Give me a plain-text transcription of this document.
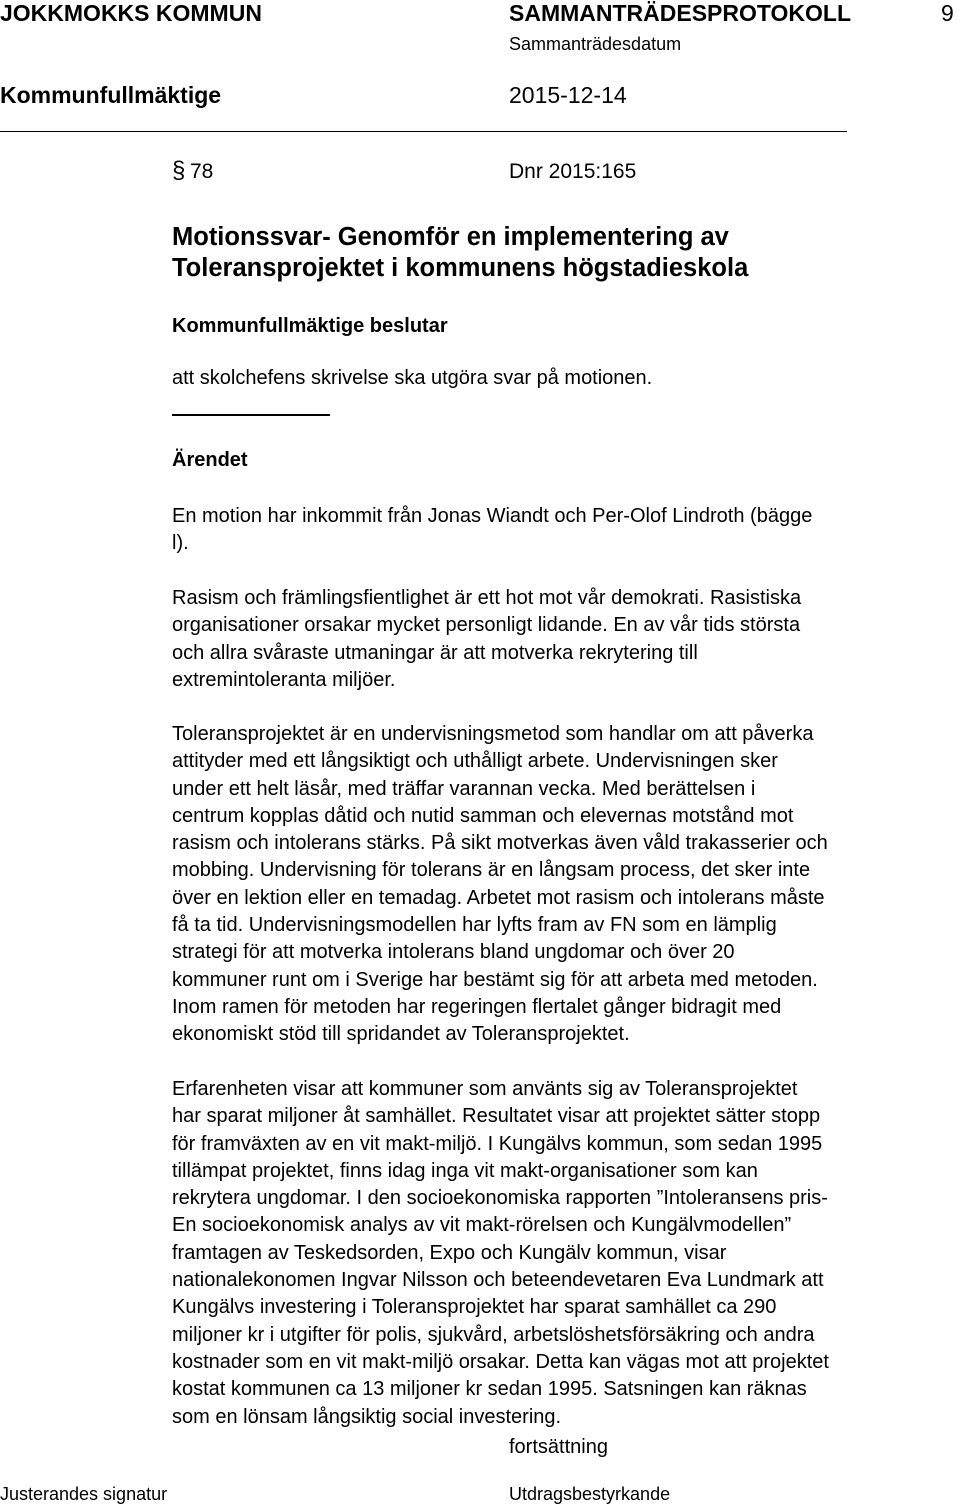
JOKKMOKKS KOMMUN	SAMMANTRÄDESPROTOKOLL	9
Sammanträdesdatum
Kommunfullmäktige	2015-12-14
§ 78	Dnr 2015:165
Motionssvar- Genomför en implementering av
Toleransprojektet i kommunens högstadieskola
Kommunfullmäktige beslutar
att skolchefens skrivelse ska utgöra svar på motionen.
Ärendet
En motion har inkommit från Jonas Wiandt och Per-Olof Lindroth (bägge
l).
Rasism och främlingsfientlighet är ett hot mot vår demokrati. Rasistiska
organisationer orsakar mycket personligt lidande. En av vår tids största
och allra svåraste utmaningar är att motverka rekrytering till
extremintoleranta miljöer.
Toleransprojektet är en undervisningsmetod som handlar om att påverka
attityder med ett långsiktigt och uthålligt arbete. Undervisningen sker
under ett helt läsår, med träffar varannan vecka. Med berättelsen i
centrum kopplas dåtid och nutid samman och elevernas motstånd mot
rasism och intolerans stärks. På sikt motverkas även våld trakasserier och
mobbing. Undervisning för tolerans är en långsam process, det sker inte
över en lektion eller en temadag. Arbetet mot rasism och intolerans måste
få ta tid. Undervisningsmodellen har lyfts fram av FN som en lämplig
strategi för att motverka intolerans bland ungdomar och över 20
kommuner runt om i Sverige har bestämt sig för att arbeta med metoden.
Inom ramen för metoden har regeringen flertalet gånger bidragit med
ekonomiskt stöd till spridandet av Toleransprojektet.
Erfarenheten visar att kommuner som använts sig av Toleransprojektet
har sparat miljoner åt samhället. Resultatet visar att projektet sätter stopp
för framväxten av en vit makt-miljö. I Kungälvs kommun, som sedan 1995
tillämpat projektet, finns idag inga vit makt-organisationer som kan
rekrytera ungdomar. I den socioekonomiska rapporten ”Intoleransens pris-
En socioekonomisk analys av vit makt-rörelsen och Kungälvmodellen”
framtagen av Teskedsorden, Expo och Kungälv kommun, visar
nationalekonomen Ingvar Nilsson och beteendevetaren Eva Lundmark att
Kungälvs investering i Toleransprojektet har sparat samhället ca 290
miljoner kr i utgifter för polis, sjukvård, arbetslöshetsförsäkring och andra
kostnader som en vit makt-miljö orsakar. Detta kan vägas mot att projektet
kostat kommunen ca 13 miljoner kr sedan 1995. Satsningen kan räknas
som en lönsam långsiktig social investering.
fortsättning
Justerandes signatur	Utdragsbestyrkande
